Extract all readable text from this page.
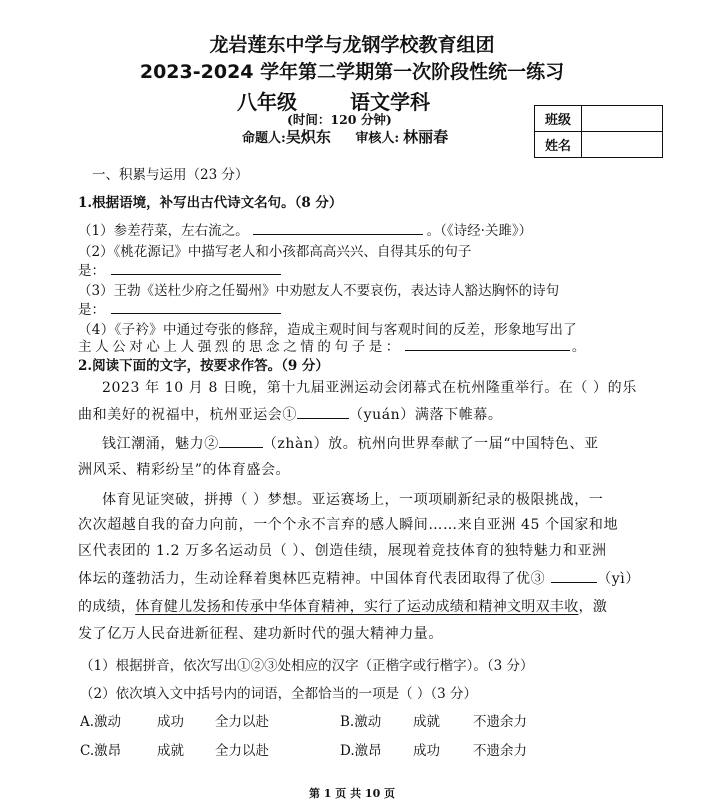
龙岩莲东中学与龙钢学校教育组团
2023-2024 学年第二学期第一次阶段性统一练习
八年级	语文学科
(时间：120 分钟)
命题人:吴炽东 审核人: 林丽春
班级	
姓名	
一、积累与运用（23 分）
1.根据语境，补写出古代诗文名句。（8 分）
（1）参差荇菜，左右流之。	。（《诗经·关雎》）
（2）《桃花源记》中描写老人和小孩都高高兴兴、自得其乐的句子
是：
（3）王勃《送杜少府之任蜀州》中劝慰友人不要哀伤，表达诗人豁达胸怀的诗句
是：
（4）《子衿》中通过夸张的修辞，造成主观时间与客观时间的反差，形象地写出了
主人公对心上人强烈的思念之情的句子是：	。
2.阅读下面的文字，按要求作答。（9 分）
2023 年 10 月 8 日晚，第十九届亚洲运动会闭幕式在杭州隆重举行。在（ ）的乐
曲和美好的祝福中，杭州亚运会①	（yuán）满落下帷幕。
钱江潮涌，魅力②	（zhàn）放。杭州向世界奉献了一届“中国特色、亚
洲风采、精彩纷呈”的体育盛会。
体育见证突破，拼搏（ ）梦想。亚运赛场上，一项项刷新纪录的极限挑战，一
次次超越自我的奋力向前，一个个永不言弃的感人瞬间……来自亚洲 45 个国家和地
区代表团的 1.2 万多名运动员（ ）、创造佳绩，展现着竞技体育的独特魅力和亚洲
体坛的蓬勃活力，生动诠释着奥林匹克精神。中国体育代表团取得了优③	（yì）
的成绩，体育健儿发扬和传承中华体育精神，实行了运动成绩和精神文明双丰收，激
发了亿万人民奋进新征程、建功新时代的强大精神力量。
（1）根据拼音，依次写出①②③处相应的汉字（正楷字或行楷字）。（3 分）
（2）依次填入文中括号内的词语，全都恰当的一项是（ ）（3 分）
A.激动	成功 全力以赴	B.激动 成就 不遗余力
C.激昂	成就 全力以赴	D.激昂 成功 不遗余力
第 1 页 共 10 页
